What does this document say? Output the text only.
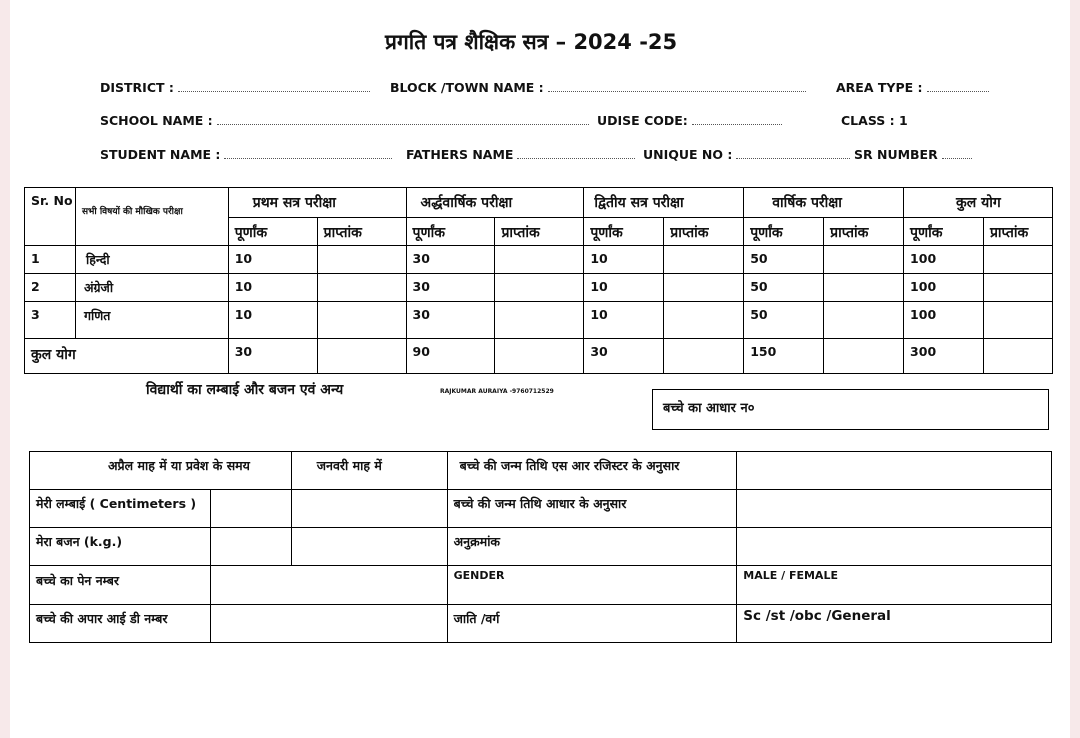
प्रगति पत्र शैक्षिक सत्र – 2024 -25
DISTRICT :	BLOCK /TOWN NAME :	AREA TYPE :
SCHOOL NAME :	UDISE CODE:	CLASS : 1
STUDENT NAME :	FATHERS NAME	UNIQUE NO :	SR NUMBER
Sr. No	सभी विषयों की मौखिक परीक्षा	प्रथम सत्र परीक्षा		अर्द्धवार्षिक परीक्षा		द्वितीय सत्र परीक्षा		वार्षिक परीक्षा		कुल योग	
		पूर्णांक	प्राप्तांक	पूर्णांक	प्राप्तांक	पूर्णांक	प्राप्तांक	पूर्णांक	प्राप्तांक	पूर्णांक	प्राप्तांक
1	हिन्दी	10		30		10		50		100	
2	अंग्रेजी	10		30		10		50		100	
3	गणित	10		30		10		50		100	
कुल योग		30		90		30		150		300	
विद्यार्थी का लम्बाई और बजन एवं अन्य	RAJKUMAR AURAIYA -9760712529
बच्चे का आधार न०
अप्रैल माह में या प्रवेश के समय		जनवरी माह में	बच्चे की जन्म तिथि एस आर रजिस्टर के अनुसार	
मेरी लम्बाई ( Centimeters )			बच्चे की जन्म तिथि आधार के अनुसार	
मेरा बजन (k.g.)			अनुक्रमांक	
बच्चे का पेन नम्बर			GENDER	MALE / FEMALE
बच्चे की अपार आई डी नम्बर			जाति /वर्ग	Sc /st /obc /General
